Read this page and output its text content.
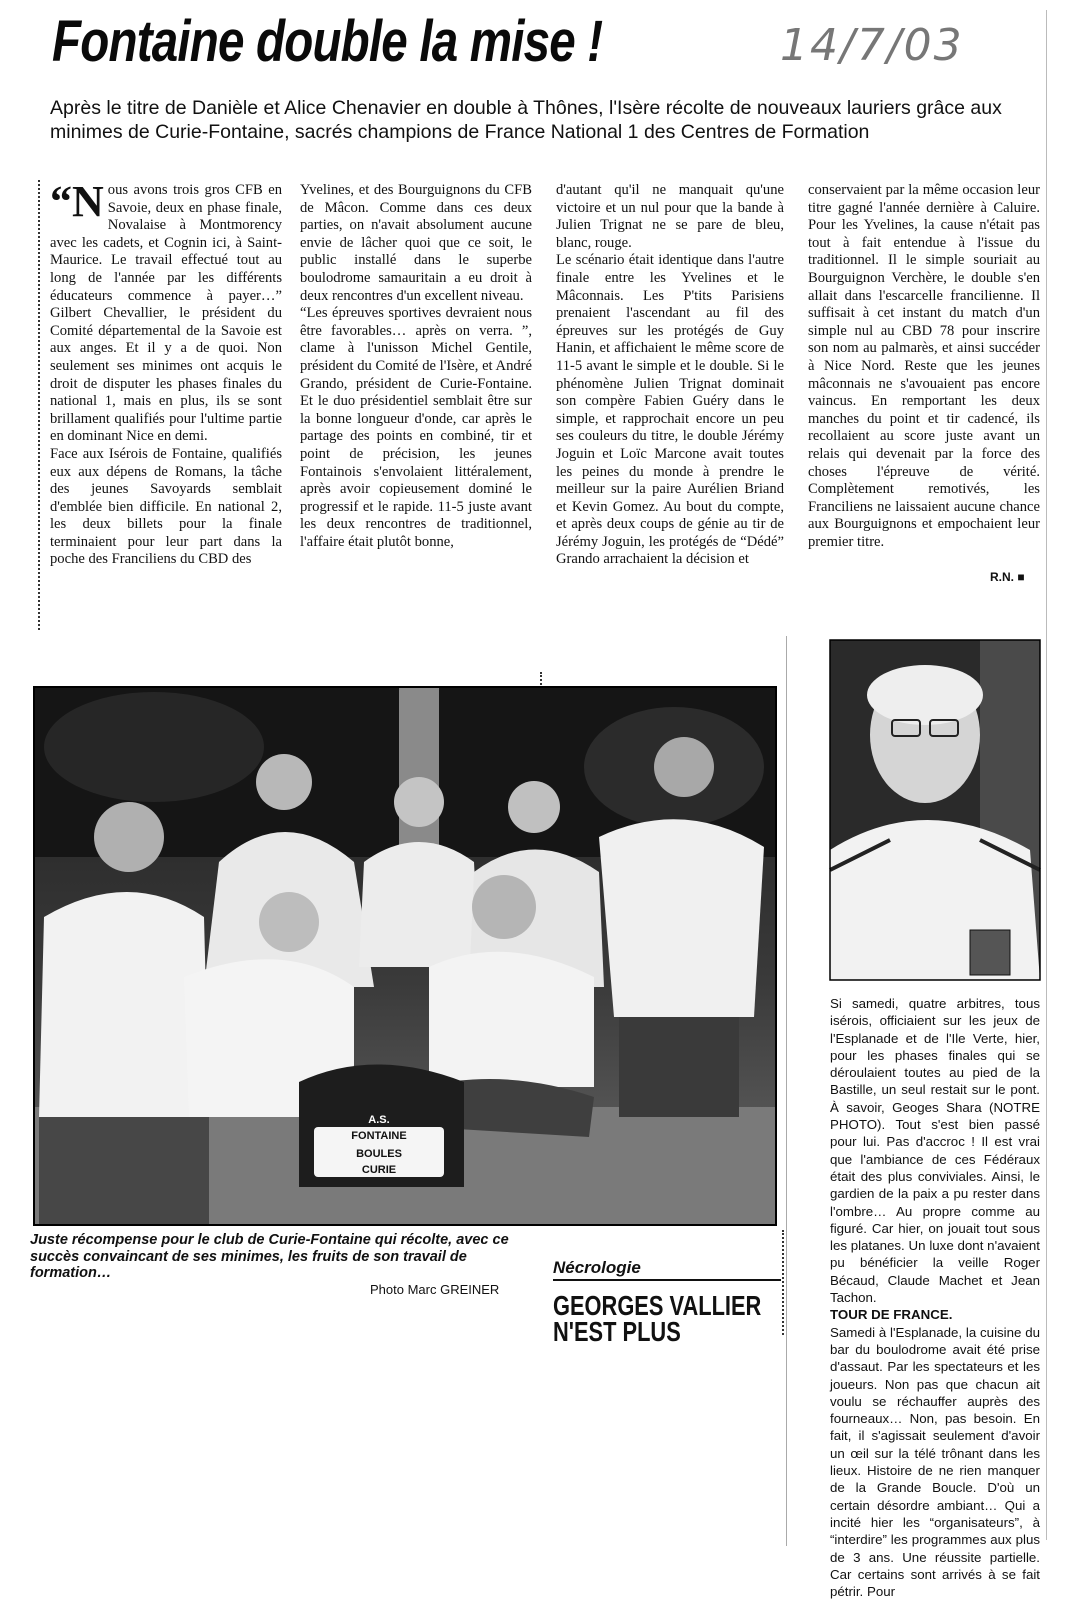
Fontaine double la mise !	14/7/03
Après le titre de Danièle et Alice Chenavier en double à Thônes, l'Isère récolte de nouveaux lauriers grâce aux minimes de Curie-Fontaine, sacrés champions de France National 1 des Centres de Formation
“N ous avons trois gros CFB en Savoie, deux en phase finale, Novalaise à Montmorency avec les cadets, et Cognin ici, à Saint-Maurice. Le travail effectué tout au long de l'année par les différents éducateurs commence à payer…” Gilbert Chevallier, le président du Comité départemental de la Savoie est aux anges. Et il y a de quoi. Non seulement ses minimes ont acquis le droit de disputer les phases finales du national 1, mais en plus, ils se sont brillament qualifiés pour l'ultime partie en dominant Nice en demi.

Face aux Isérois de Fontaine, qualifiés eux aux dépens de Romans, la tâche des jeunes Savoyards semblait d'emblée bien difficile. En national 2, les deux billets pour la finale terminaient pour leur part dans la poche des Franciliens du CBD des

Yvelines, et des Bourguignons du CFB de Mâcon. Comme dans ces deux parties, on n'avait absolument aucune envie de lâcher quoi que ce soit, le public installé dans le superbe boulodrome samauritain a eu droit à deux rencontres d'un excellent niveau.

“Les épreuves sportives devraient nous être favorables… après on verra. ”, clame à l'unisson Michel Gentile, président du Comité de l'Isère, et André Grando, président de Curie-Fontaine. Et le duo présidentiel semblait être sur la bonne longueur d'onde, car après le partage des points en combiné, tir et point de précision, les jeunes Fontainois s'envolaient littéralement, après avoir copieusement dominé le progressif et le rapide. 11-5 juste avant les deux rencontres de traditionnel, l'affaire était plutôt bonne,

d'autant qu'il ne manquait qu'une victoire et un nul pour que la bande à Julien Trignat ne se pare de bleu, blanc, rouge.

Le scénario était identique dans l'autre finale entre les Yvelines et le Mâconnais. Les P'tits Parisiens prenaient l'ascendant au fil des épreuves sur les protégés de Guy Hanin, et affichaient le même score de 11-5 avant le simple et le double. Si le phénomène Julien Trignat dominait son compère Fabien Guéry dans le simple, et rapprochait encore un peu ses couleurs du titre, le double Jérémy Joguin et Loïc Marcone avait toutes les peines du monde à prendre le meilleur sur la paire Aurélien Briand et Kevin Gomez. Au bout du compte, et après deux coups de génie au tir de Jérémy Joguin, les protégés de “Dédé” Grando arrachaient la décision et

conservaient par la même occasion leur titre gagné l'année dernière à Caluire. Pour les Yvelines, la cause n'était pas tout à fait entendue à l'issue du traditionnel. Il le simple souriait au Bourguignon Verchère, le double s'en allait dans l'escarcelle francilienne. Il suffisait à cet instant du match d'un simple nul au CBD 78 pour inscrire son nom au palmarès, et ainsi succéder à Nice Nord. Reste que les jeunes mâconnais ne s'avouaient pas encore vaincus. En remportant les deux manches du point et tir cadencé, ils recollaient au score juste avant un relais qui devenait par la force des choses l'épreuve de vérité. Complètement remotivés, les Franciliens ne laissaient aucune chance aux Bourguignons et empochaient leur premier titre.

R.N. ■
A.S.
FONTAINE
BOULES
CURIE
Juste récompense pour le club de Curie-Fontaine qui récolte, avec ce succès convaincant de ses minimes, les fruits de son travail de formation…
Photo Marc GREINER
Nécrologie
GEORGES VALLIER
N'EST PLUS

Si samedi, quatre arbitres, tous isérois, officiaient sur les jeux de l'Esplanade et de l'Ile Verte, hier, pour les phases finales qui se déroulaient toutes au pied de la Bastille, un seul restait sur le pont. À savoir, Geoges Shara (NOTRE PHOTO). Tout s'est bien passé pour lui. Pas d'accroc ! Il est vrai que l'ambiance de ces Fédéraux était des plus conviviales. Ainsi, le gardien de la paix a pu rester dans l'ombre… Au propre comme au figuré. Car hier, on jouait tout sous les platanes. Un luxe dont n'avaient pu bénéficier la veille Roger Bécaud, Claude Machet et Jean Tachon.

TOUR DE FRANCE.

Samedi à l'Esplanade, la cuisine du bar du boulodrome avait été prise d'assaut. Par les spectateurs et les joueurs. Non pas que chacun ait voulu se réchauffer auprès des fourneaux… Non, pas besoin. En fait, il s'agissait seulement d'avoir un œil sur la télé trônant dans les lieux. Histoire de ne rien manquer de la Grande Boucle. D'où un certain désordre ambiant… Qui a incité hier les “organisateurs”, à “interdire” les programmes aux plus de 3 ans. Une réussite partielle. Car certains sont arrivés à se fait pétrir. Pour
